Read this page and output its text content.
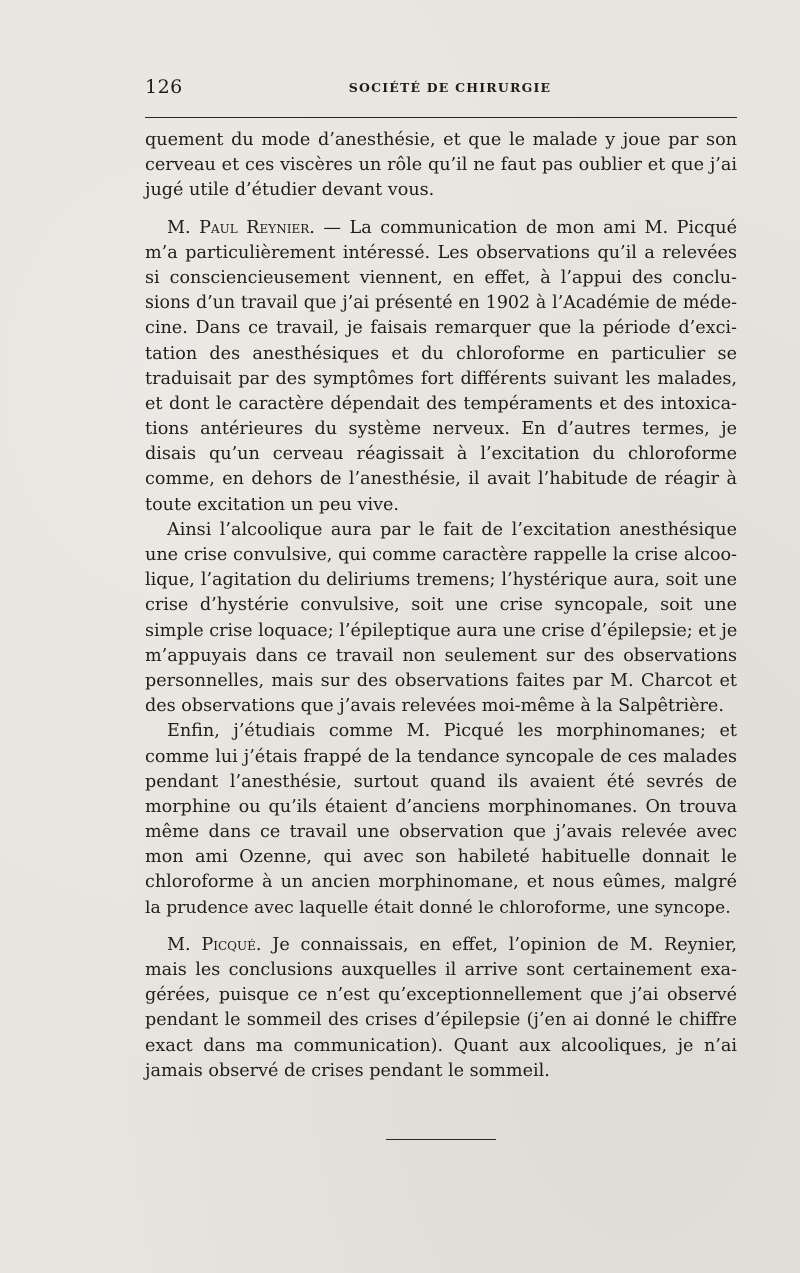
126	SOCIÉTÉ DE CHIRURGIE
quement du mode d’anesthésie, et que le malade y joue par son
cerveau et ces viscères un rôle qu’il ne faut pas oublier et que j’ai
jugé utile d’étudier devant vous.
M. Paul Reynier. — La communication de mon ami M. Picqué
m’a particulièrement intéressé. Les observations qu’il a relevées
si consciencieusement viennent, en effet, à l’appui des conclu-
sions d’un travail que j’ai présenté en 1902 à l’Académie de méde-
cine. Dans ce travail, je faisais remarquer que la période d’exci-
tation des anesthésiques et du chloroforme en particulier se
traduisait par des symptômes fort différents suivant les malades,
et dont le caractère dépendait des tempéraments et des intoxica-
tions antérieures du système nerveux. En d’autres termes, je
disais qu’un cerveau réagissait à l’excitation du chloroforme
comme, en dehors de l’anesthésie, il avait l’habitude de réagir à
toute excitation un peu vive.
Ainsi l’alcoolique aura par le fait de l’excitation anesthésique
une crise convulsive, qui comme caractère rappelle la crise alcoo-
lique, l’agitation du deliriums tremens; l’hystérique aura, soit une
crise d’hystérie convulsive, soit une crise syncopale, soit une
simple crise loquace; l’épileptique aura une crise d’épilepsie; et je
m’appuyais dans ce travail non seulement sur des observations
personnelles, mais sur des observations faites par M. Charcot et
des observations que j’avais relevées moi-même à la Salpêtrière.
Enfin, j’étudiais comme M. Picqué les morphinomanes; et
comme lui j’étais frappé de la tendance syncopale de ces malades
pendant l’anesthésie, surtout quand ils avaient été sevrés de
morphine ou qu’ils étaient d’anciens morphinomanes. On trouva
même dans ce travail une observation que j’avais relevée avec
mon ami Ozenne, qui avec son habileté habituelle donnait le
chloroforme à un ancien morphinomane, et nous eûmes, malgré
la prudence avec laquelle était donné le chloroforme, une syncope.
M. Picqué. Je connaissais, en effet, l’opinion de M. Reynier,
mais les conclusions auxquelles il arrive sont certainement exa-
gérées, puisque ce n’est qu’exceptionnellement que j’ai observé
pendant le sommeil des crises d’épilepsie (j’en ai donné le chiffre
exact dans ma communication). Quant aux alcooliques, je n’ai
jamais observé de crises pendant le sommeil.
